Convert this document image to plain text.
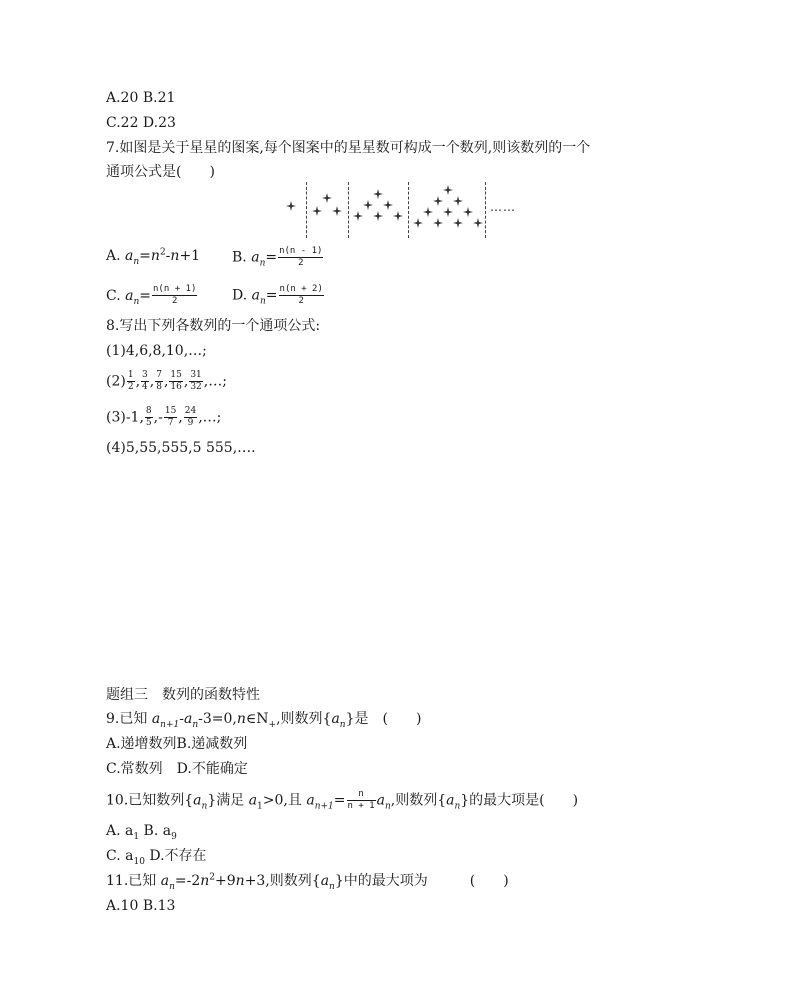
A.20 B.21
C.22 D.23
7.如图是关于星星的图案,每个图案中的星星数可构成一个数列,则该数列的一个
通项公式是(　　)
……
A. $a_n=n^2-n+1$ B. $a_n= \frac{n(n - 1)}{2}$
C. $a_n= \frac{n(n + 1)}{2} D$. $a_n= \frac{n(n + 2)}{2}$
8.写出下列各数列的一个通项公式:
(1)4,6,8,10,…;
$(2) \frac{1}{2}$ , $\frac{3}{4}$ , $\frac{7}{8}$ , $\frac{15}{16}$ , $\frac{31}{32}$ ,…;
(3)-1, $\frac{8}{5}$ ,- $\frac{15}{7}$ , $\frac{24}{9}$ ,…;
(4)5,55,555,5 555,….
题组三　数列的函数特性
9.已知 $a_{n+1}-a_n-3=0,n\in N_+$,则数列$\{a_n\}$是　(　　)
A.递增数列B.递减数列
C.常数列　D.不能确定
10.已知数列$\{a_n\}$满足 $a_1>0$,且 $a_{n+1}= \frac{n}{n + 1} a_n$,则数列$\{a_n\}$的最大项是(　　)
A. $a_1$ B. $a_9$
C. $a_{10}$ D.不存在
11.已知 $a_n=-2n^2+9n+3$,则数列$\{a_n\}$中的最大项为　　　(　　)
A.10 B.13
